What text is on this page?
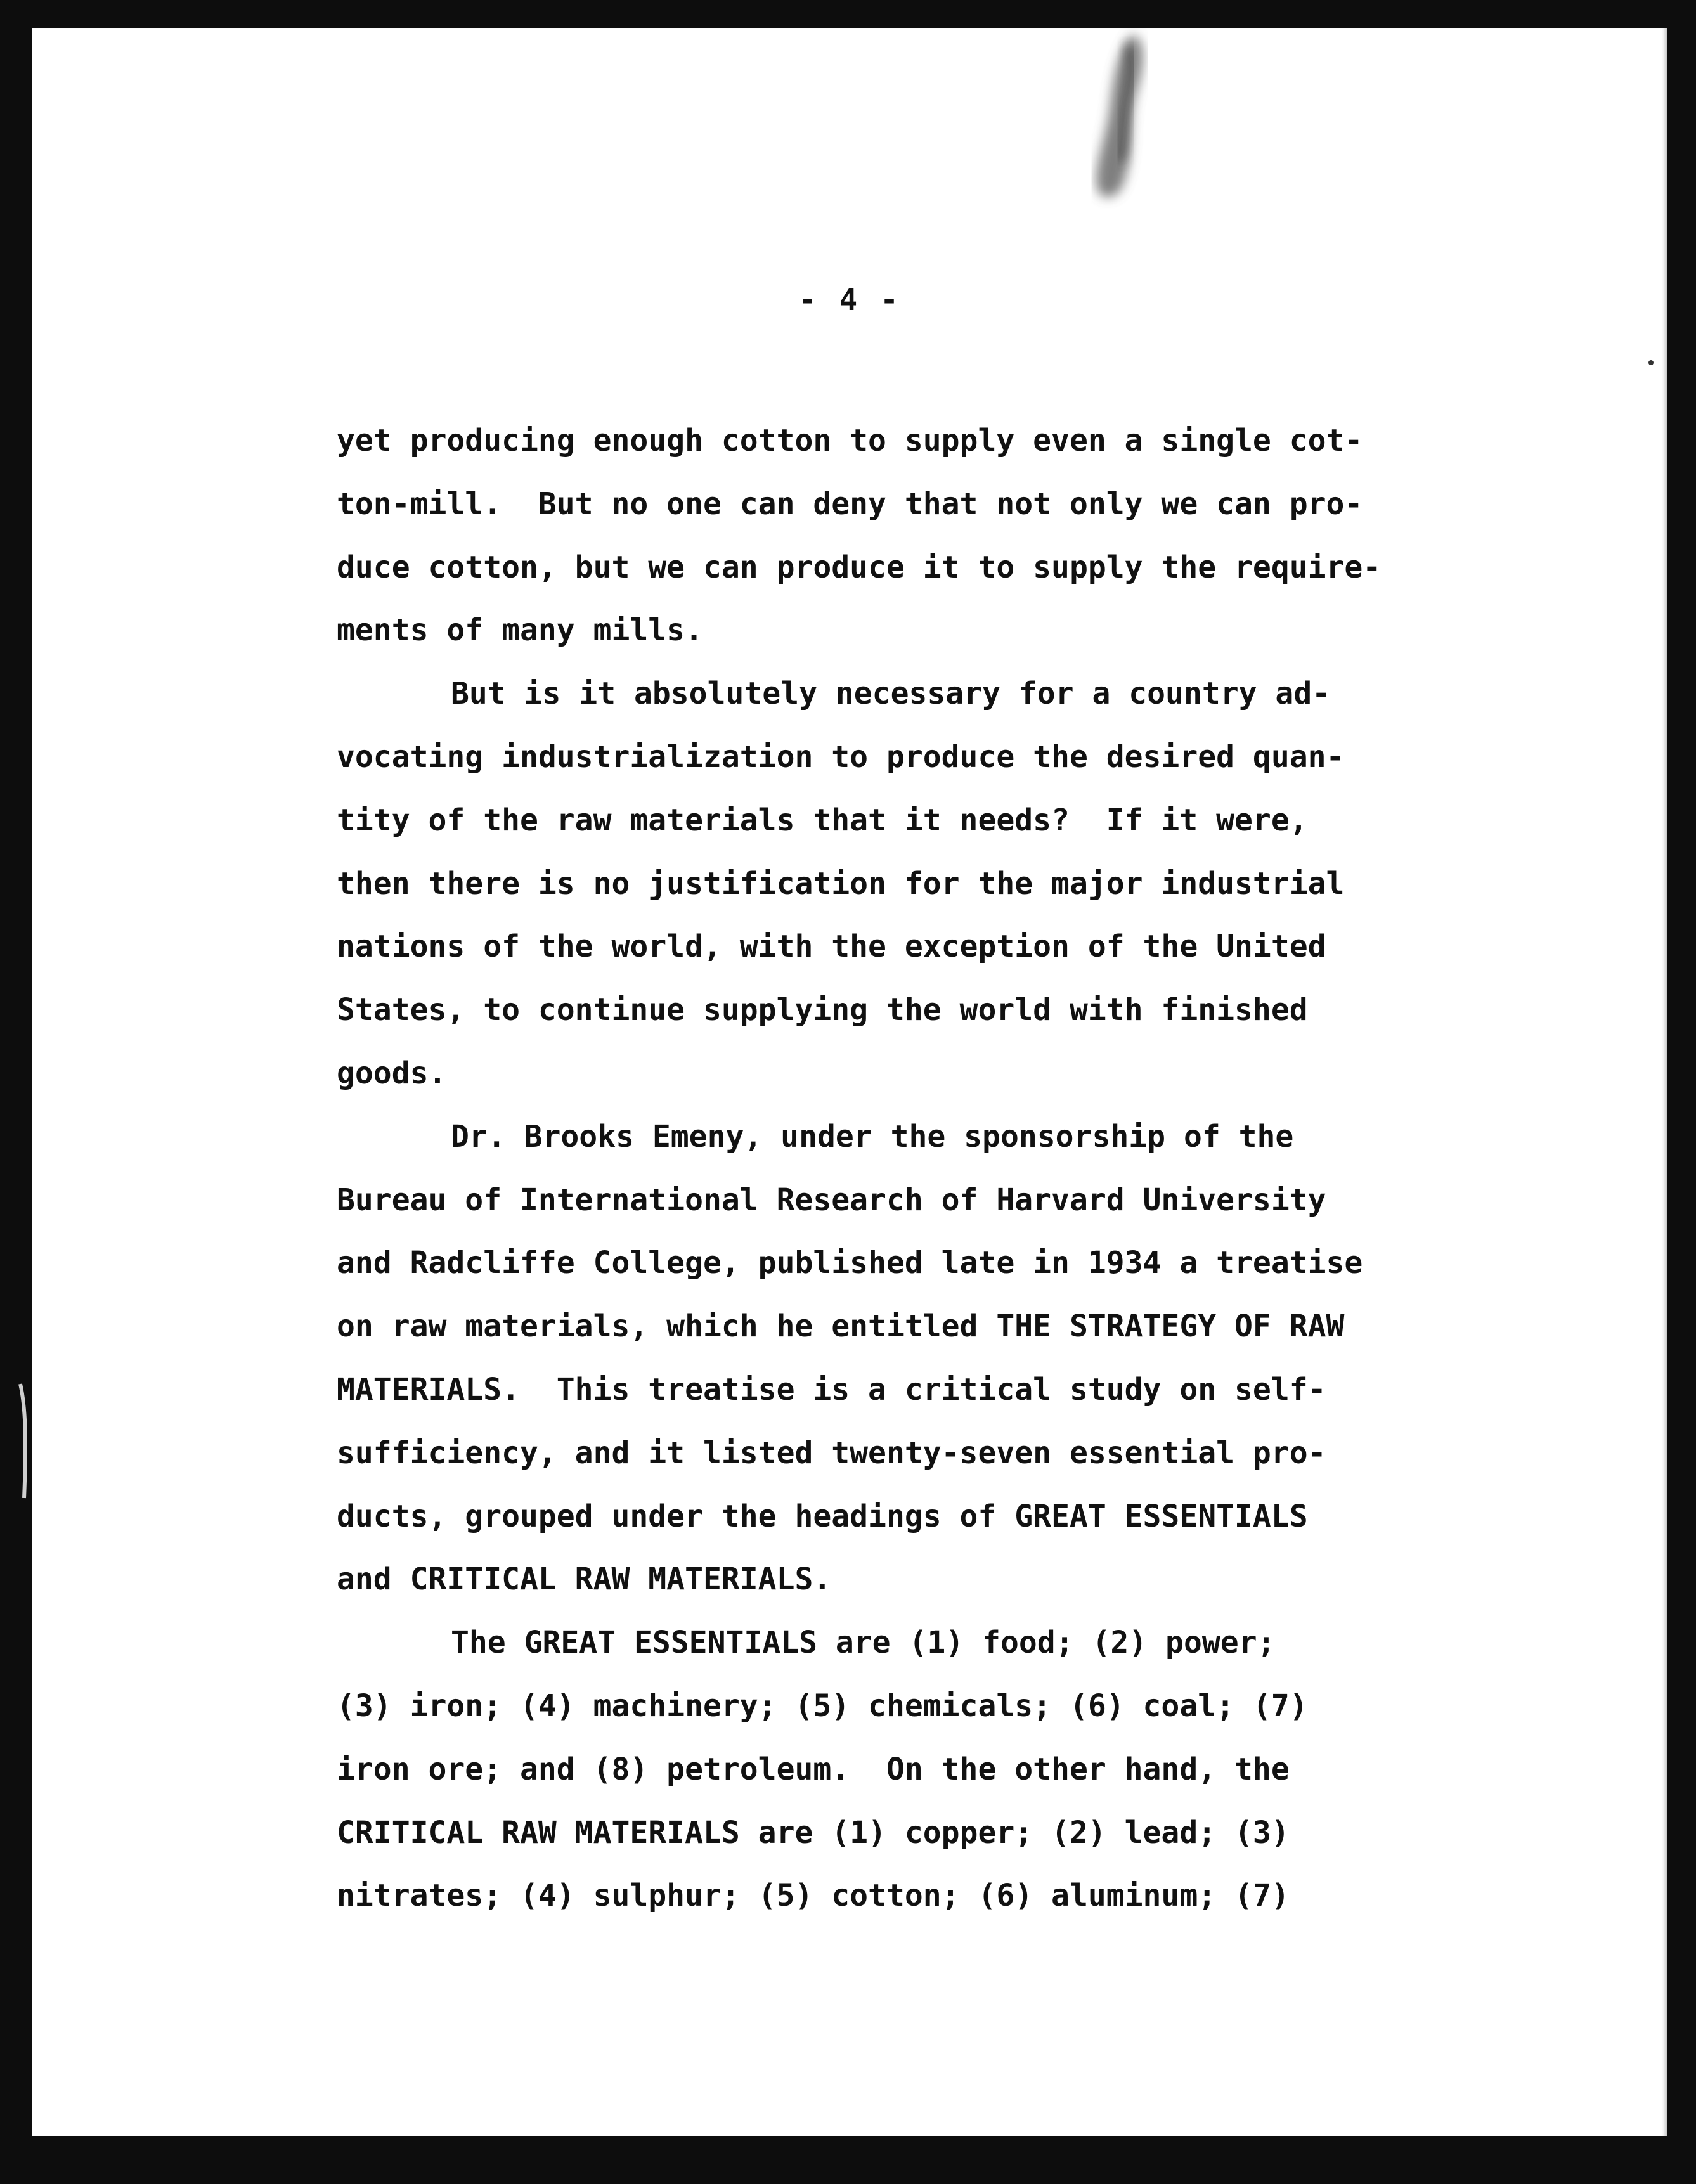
- 4 -
yet producing enough cotton to supply even a single cot-
ton-mill.  But no one can deny that not only we can pro-
duce cotton, but we can produce it to supply the require-
ments of many mills.
But is it absolutely necessary for a country ad-
vocating industrialization to produce the desired quan-
tity of the raw materials that it needs?  If it were,
then there is no justification for the major industrial
nations of the world, with the exception of the United
States, to continue supplying the world with finished
goods.
Dr. Brooks Emeny, under the sponsorship of the
Bureau of International Research of Harvard University
and Radcliffe College, published late in 1934 a treatise
on raw materials, which he entitled THE STRATEGY OF RAW
MATERIALS.  This treatise is a critical study on self-
sufficiency, and it listed twenty-seven essential pro-
ducts, grouped under the headings of GREAT ESSENTIALS
and CRITICAL RAW MATERIALS.
The GREAT ESSENTIALS are (1) food; (2) power;
(3) iron; (4) machinery; (5) chemicals; (6) coal; (7)
iron ore; and (8) petroleum.  On the other hand, the
CRITICAL RAW MATERIALS are (1) copper; (2) lead; (3)
nitrates; (4) sulphur; (5) cotton; (6) aluminum; (7)
